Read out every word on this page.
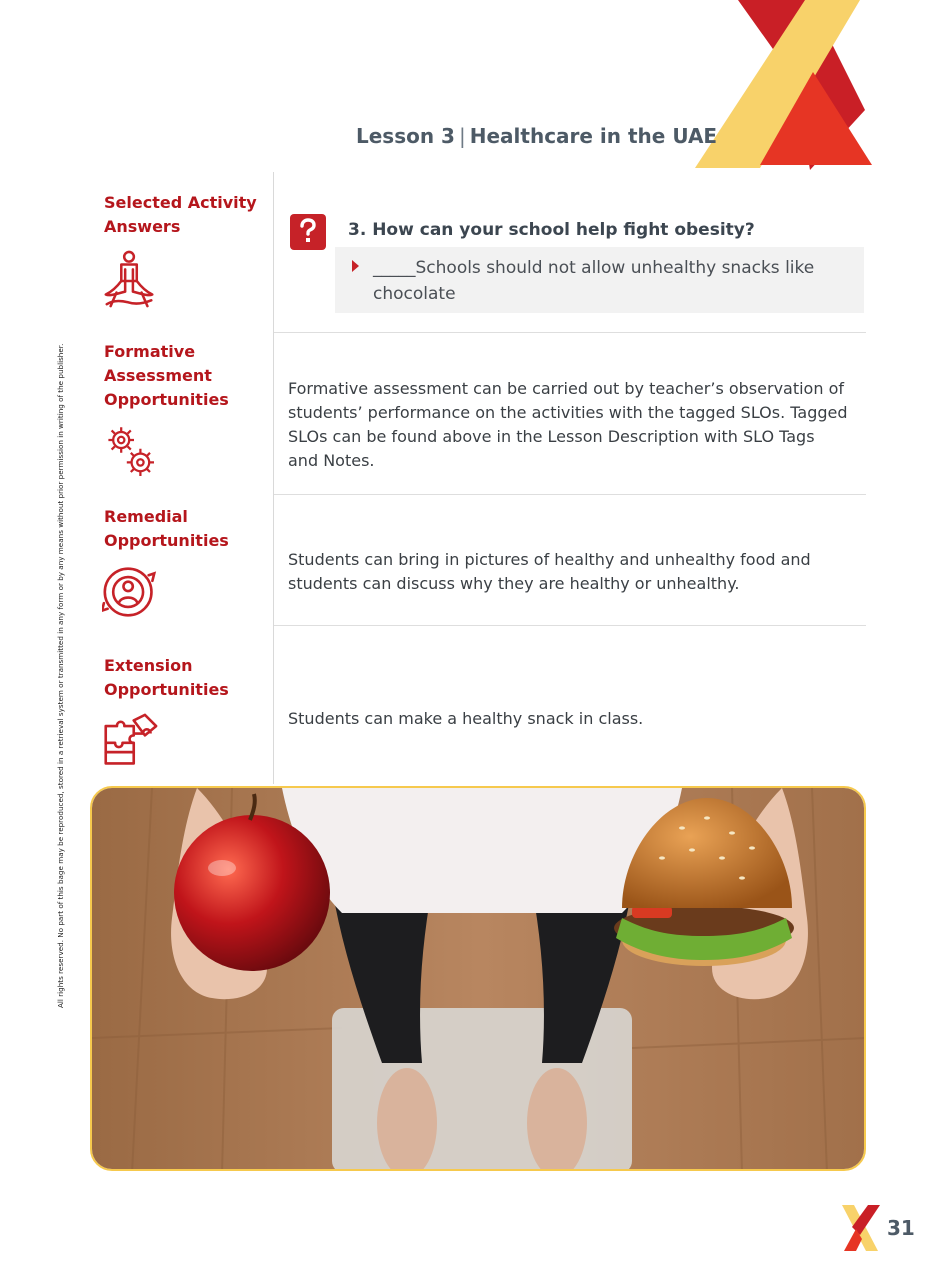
Lesson 3 | Healthcare in the UAE
All rights reserved. No part of this bage may be reproduced, stored in a retrieval system or transmitted in any form or by any means without prior permission in writing of the publisher.
Selected Activity
Answers	3. How can your school help fight obesity?
_____Schools should not allow unhealthy snacks like chocolate
Formative
Assessment
Opportunities
Formative assessment can be carried out by teacher’s observation of students’ performance on the activities with the tagged SLOs. Tagged SLOs can be found above in the Lesson Description with SLO Tags and Notes.
Remedial
Opportunities
Students can bring in pictures of healthy and unhealthy food and students can discuss why they are healthy or unhealthy.
Extension
Opportunities
Students can make a healthy snack in class.
31
